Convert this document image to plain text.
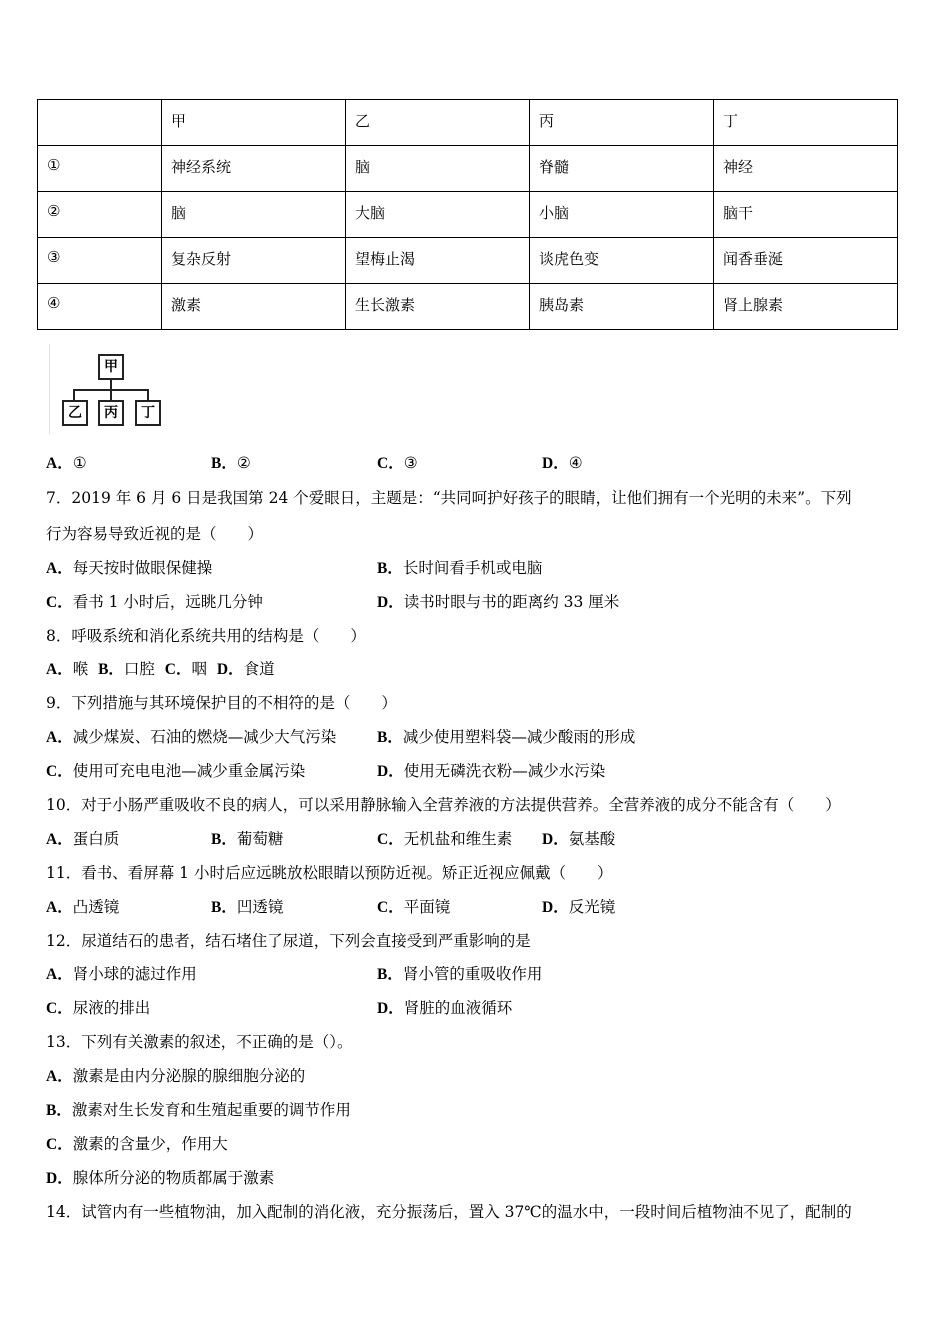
	甲	乙	丙	丁
①	神经系统	脑	脊髓	神经
②	脑	大脑	小脑	脑干
③	复杂反射	望梅止渴	谈虎色变	闻香垂涎
④	激素	生长激素	胰岛素	肾上腺素
甲
乙	丙	丁
A．①	B．②	C．③	D．④
7．2019 年 6 月 6 日是我国第 24 个爱眼日，主题是：“共同呵护好孩子的眼睛，让他们拥有一个光明的未来”。下列
行为容易导致近视的是（　　）
A．每天按时做眼保健操	B．长时间看手机或电脑
C．看书 1 小时后，远眺几分钟	D．读书时眼与书的距离约 33 厘米
8．呼吸系统和消化系统共用的结构是（　　）
A．喉 B．口腔 C．咽 D．食道
9．下列措施与其环境保护目的不相符的是（　　）
A．减少煤炭、石油的燃烧—减少大气污染	B．减少使用塑料袋—减少酸雨的形成
C．使用可充电电池—减少重金属污染	D．使用无磷洗衣粉—减少水污染
10．对于小肠严重吸收不良的病人，可以采用静脉输入全营养液的方法提供营养。全营养液的成分不能含有（　　）
A．蛋白质	B．葡萄糖	C．无机盐和维生素 D．氨基酸
11．看书、看屏幕 1 小时后应远眺放松眼睛以预防近视。矫正近视应佩戴（　　）
A．凸透镜	B．凹透镜	C．平面镜	D．反光镜
12．尿道结石的患者，结石堵住了尿道，下列会直接受到严重影响的是
A．肾小球的滤过作用	B．肾小管的重吸收作用
C．尿液的排出	D．肾脏的血液循环
13．下列有关激素的叙述，不正确的是（）。
A．激素是由内分泌腺的腺细胞分泌的
B．激素对生长发育和生殖起重要的调节作用
C．激素的含量少，作用大
D．腺体所分泌的物质都属于激素
14．试管内有一些植物油，加入配制的消化液，充分振荡后，置入 37℃的温水中，一段时间后植物油不见了，配制的
